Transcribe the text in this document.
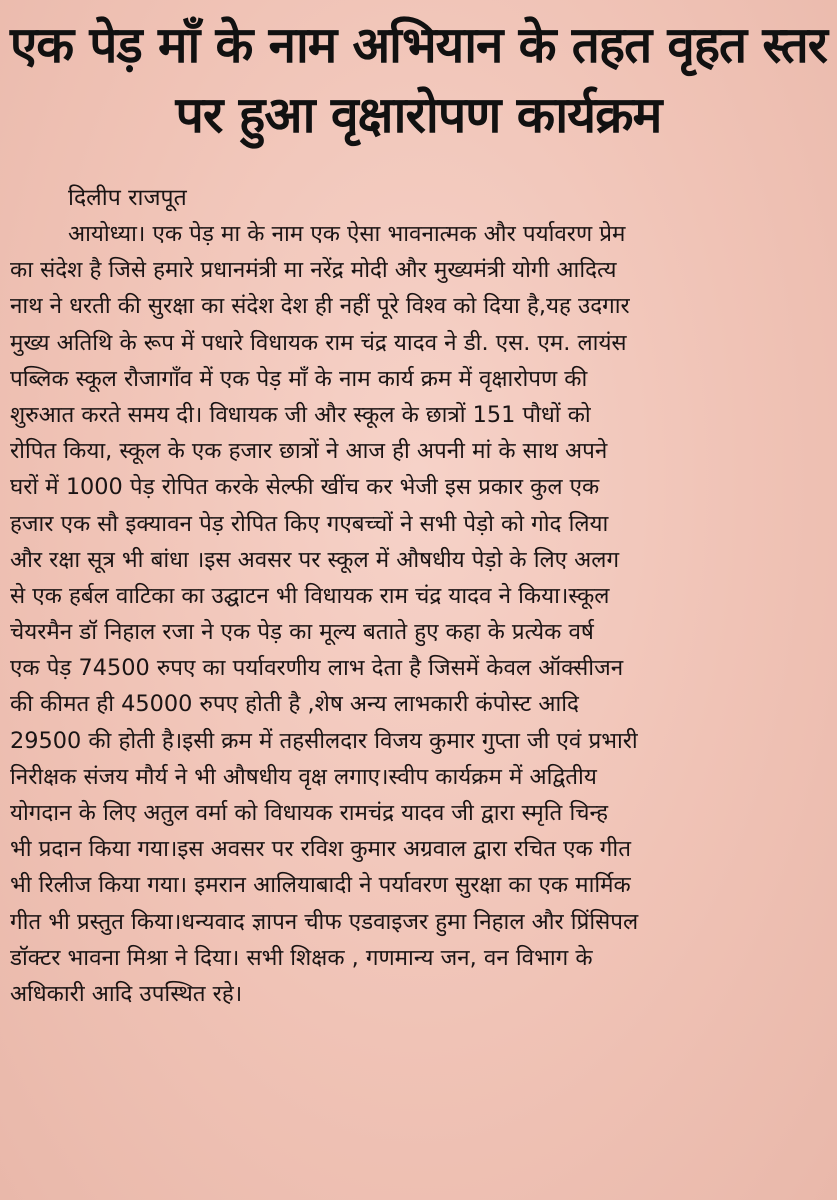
एक पेड़ माँ के नाम अभियान के तहत वृहत स्तर
पर हुआ वृक्षारोपण कार्यक्रम
दिलीप राजपूत
आयोध्या। एक पेड़ मा के नाम एक ऐसा भावनात्मक और पर्यावरण प्रेम
का संदेश है जिसे हमारे प्रधानमंत्री मा नरेंद्र मोदी और मुख्यमंत्री योगी आदित्य
नाथ ने धरती की सुरक्षा का संदेश देश ही नहीं पूरे विश्व को दिया है,यह उदगार
मुख्य अतिथि के रूप में पधारे विधायक राम चंद्र यादव ने डी. एस. एम. लायंस
पब्लिक स्कूल रौजागाँव में एक पेड़ माँ के नाम कार्य क्रम में वृक्षारोपण की
शुरुआत करते समय दी। विधायक जी और स्कूल के छात्रों 151 पौधों को
रोपित किया, स्कूल के एक हजार छात्रों ने आज ही अपनी मां के साथ अपने
घरों में 1000 पेड़ रोपित करके सेल्फी खींच कर भेजी इस प्रकार कुल एक
हजार एक सौ इक्यावन पेड़ रोपित किए गएबच्चों ने सभी पेड़ो को गोद लिया
और रक्षा सूत्र भी बांधा ।इस अवसर पर स्कूल में औषधीय पेड़ो के लिए अलग
से एक हर्बल वाटिका का उद्घाटन भी विधायक राम चंद्र यादव ने किया।स्कूल
चेयरमैन डॉ निहाल रजा ने एक पेड़ का मूल्य बताते हुए कहा के प्रत्येक वर्ष
एक पेड़ 74500 रुपए का पर्यावरणीय लाभ देता है जिसमें केवल ऑक्सीजन
की कीमत ही 45000 रुपए होती है ,शेष अन्य लाभकारी कंपोस्ट आदि
29500 की होती है।इसी क्रम में तहसीलदार विजय कुमार गुप्ता जी एवं प्रभारी
निरीक्षक संजय मौर्य ने भी औषधीय वृक्ष लगाए।स्वीप कार्यक्रम में अद्वितीय
योगदान के लिए अतुल वर्मा को विधायक रामचंद्र यादव जी द्वारा स्मृति चिन्ह
भी प्रदान किया गया।इस अवसर पर रविश कुमार अग्रवाल द्वारा रचित एक गीत
भी रिलीज किया गया। इमरान आलियाबादी ने पर्यावरण सुरक्षा का एक मार्मिक
गीत भी प्रस्तुत किया।धन्यवाद ज्ञापन चीफ एडवाइजर हुमा निहाल और प्रिंसिपल
डॉक्टर भावना मिश्रा ने दिया। सभी शिक्षक , गणमान्य जन, वन विभाग के
अधिकारी आदि उपस्थित रहे।
